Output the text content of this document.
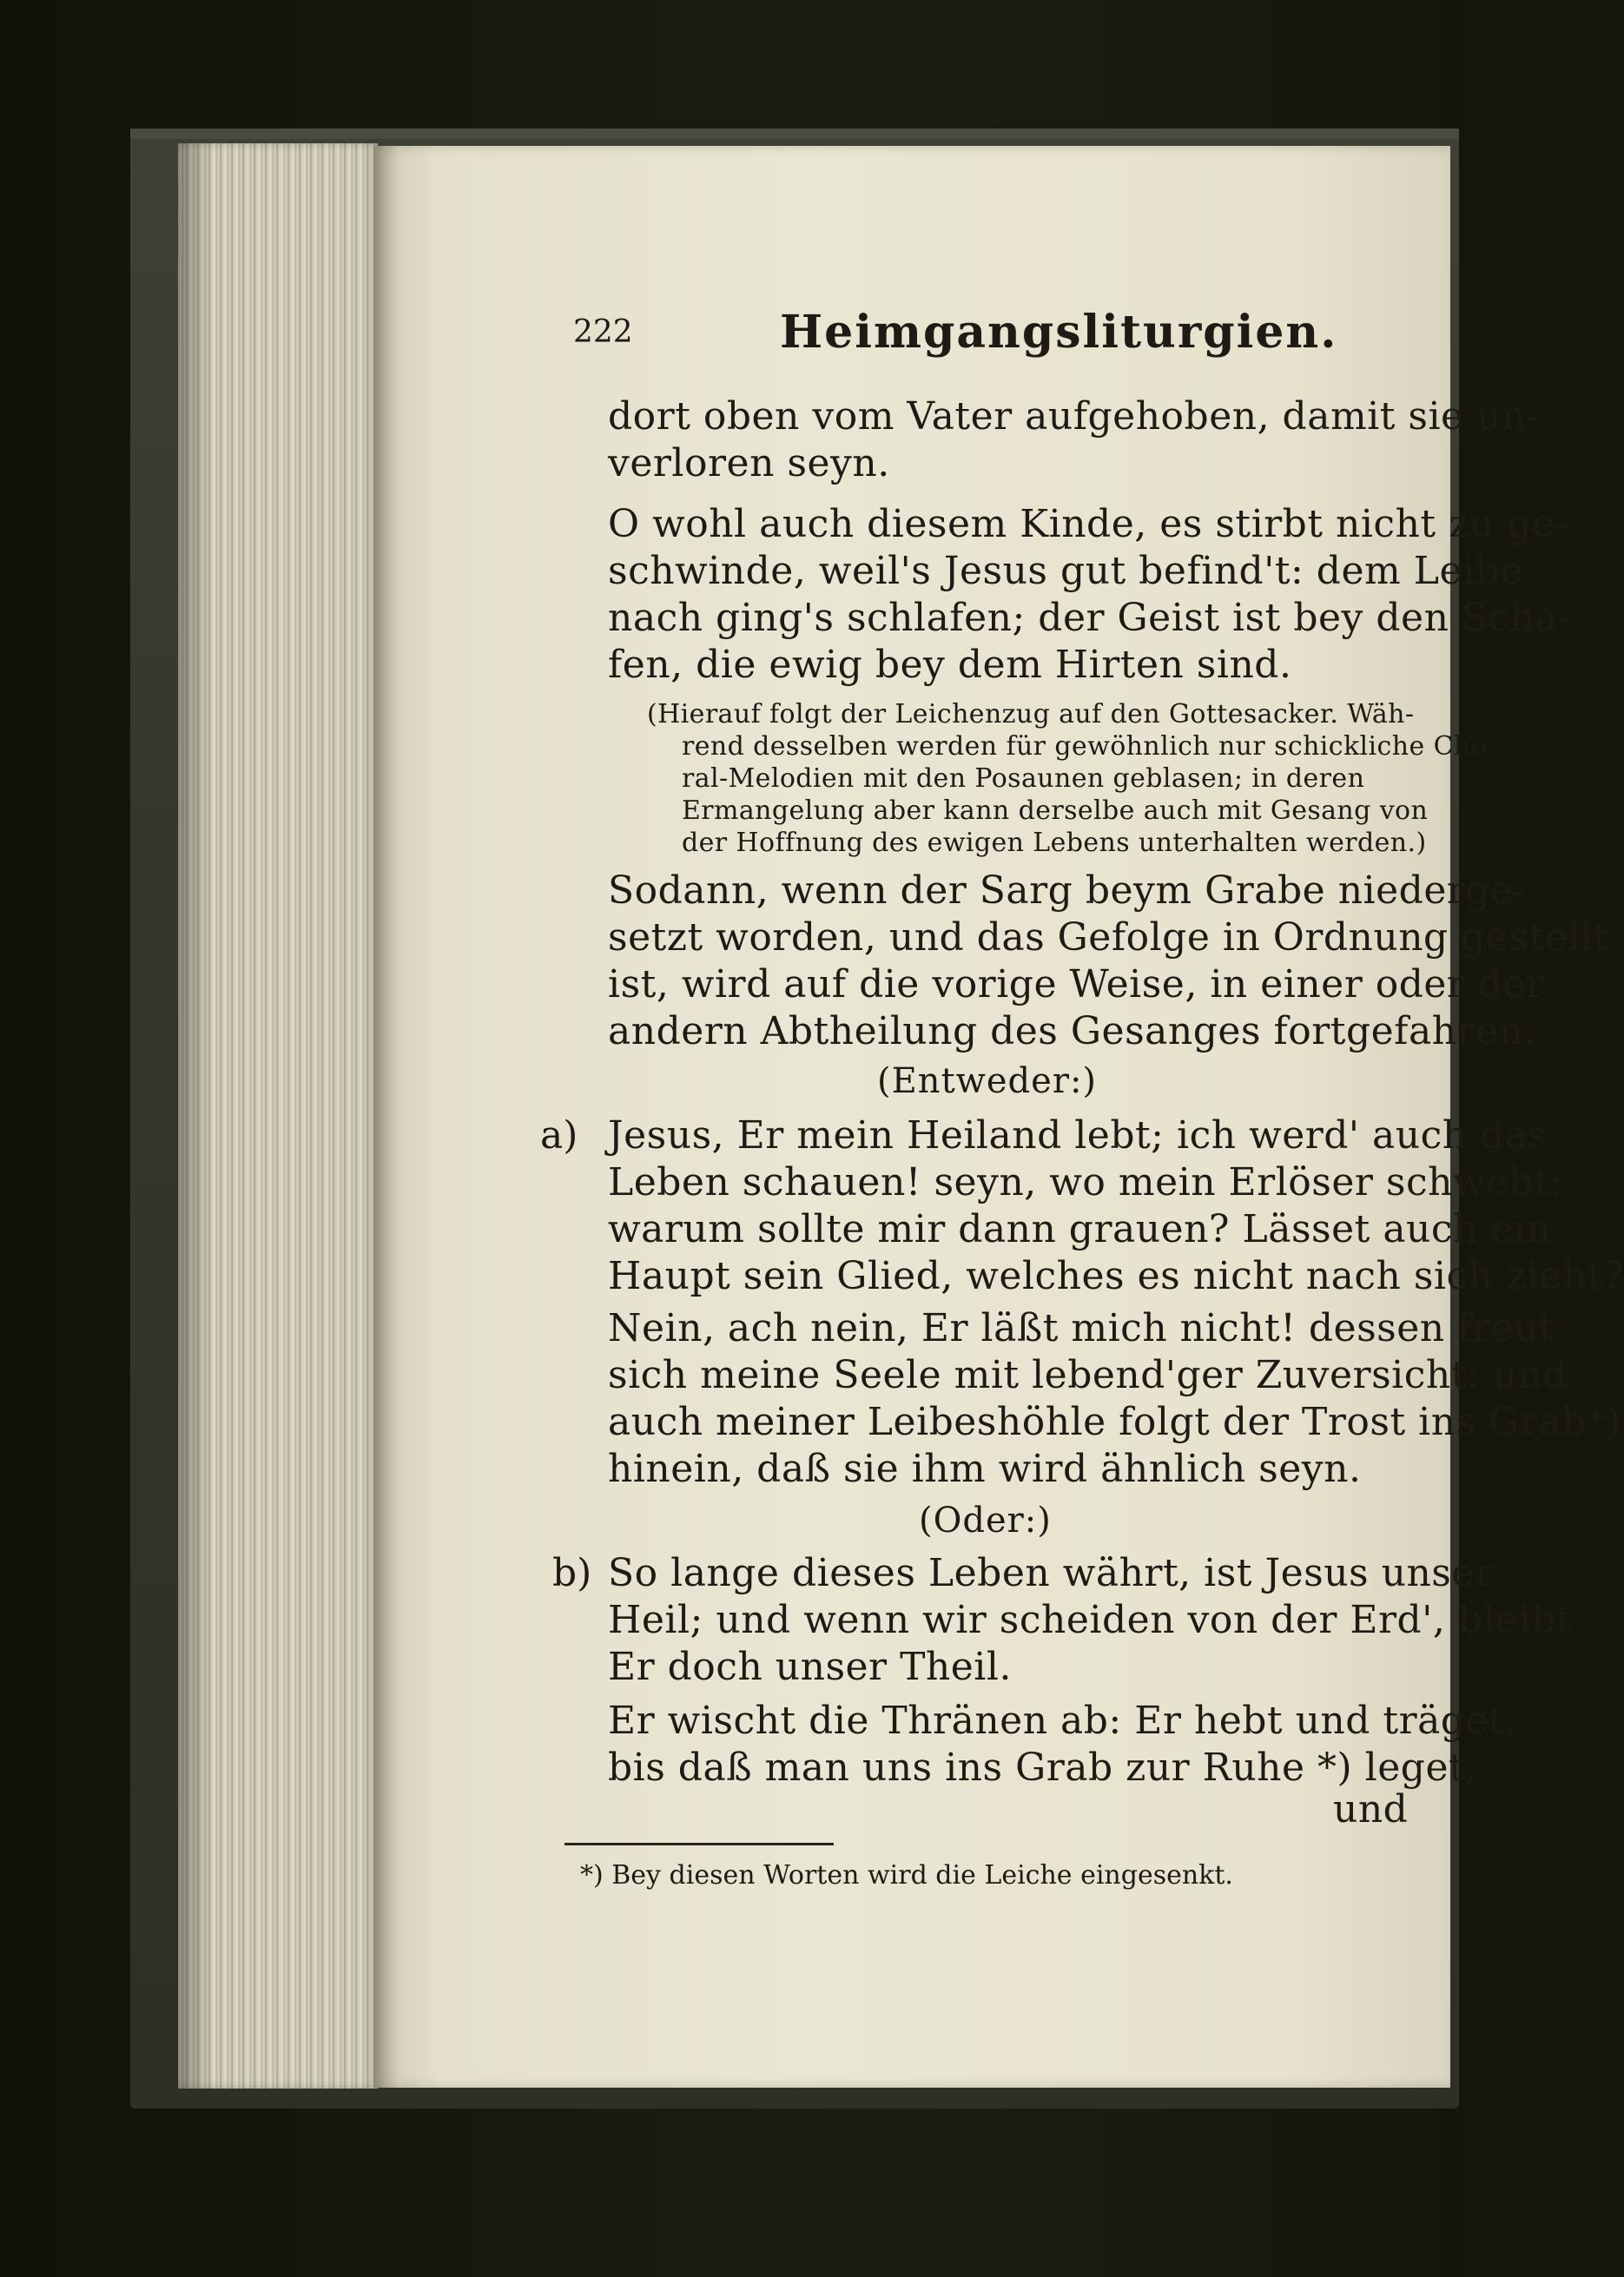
222	Heimgangsliturgien.
dort oben vom Vater aufgehoben, damit sie un-
verloren seyn.
O wohl auch diesem Kinde, es stirbt nicht zu ge-
schwinde, weil's Jesus gut befind't: dem Leibe
nach ging's schlafen; der Geist ist bey den Scha-
fen, die ewig bey dem Hirten sind.
(Hierauf folgt der Leichenzug auf den Gottesacker. Wäh-
rend desselben werden für gewöhnlich nur schickliche Cho-
ral-Melodien mit den Posaunen geblasen; in deren
Ermangelung aber kann derselbe auch mit Gesang von
der Hoffnung des ewigen Lebens unterhalten werden.)
Sodann, wenn der Sarg beym Grabe niederge-
setzt worden, und das Gefolge in Ordnung gestellt
ist, wird auf die vorige Weise, in einer oder der
andern Abtheilung des Gesanges fortgefahren.
(Entweder:)
a) Jesus, Er mein Heiland lebt; ich werd' auch das
Leben schauen! seyn, wo mein Erlöser schwebt:
warum sollte mir dann grauen? Lässet auch ein
Haupt sein Glied, welches es nicht nach sich zieht?
Nein, ach nein, Er läßt mich nicht! dessen freut
sich meine Seele mit lebend'ger Zuversicht: und
auch meiner Leibeshöhle folgt der Trost ins Grab*)
hinein, daß sie ihm wird ähnlich seyn.
(Oder:)
b) So lange dieses Leben währt, ist Jesus unser
Heil; und wenn wir scheiden von der Erd', bleibt
Er doch unser Theil.
Er wischt die Thränen ab: Er hebt und träget,
bis daß man uns ins Grab zur Ruhe *) leget,
und
*) Bey diesen Worten wird die Leiche eingesenkt.
